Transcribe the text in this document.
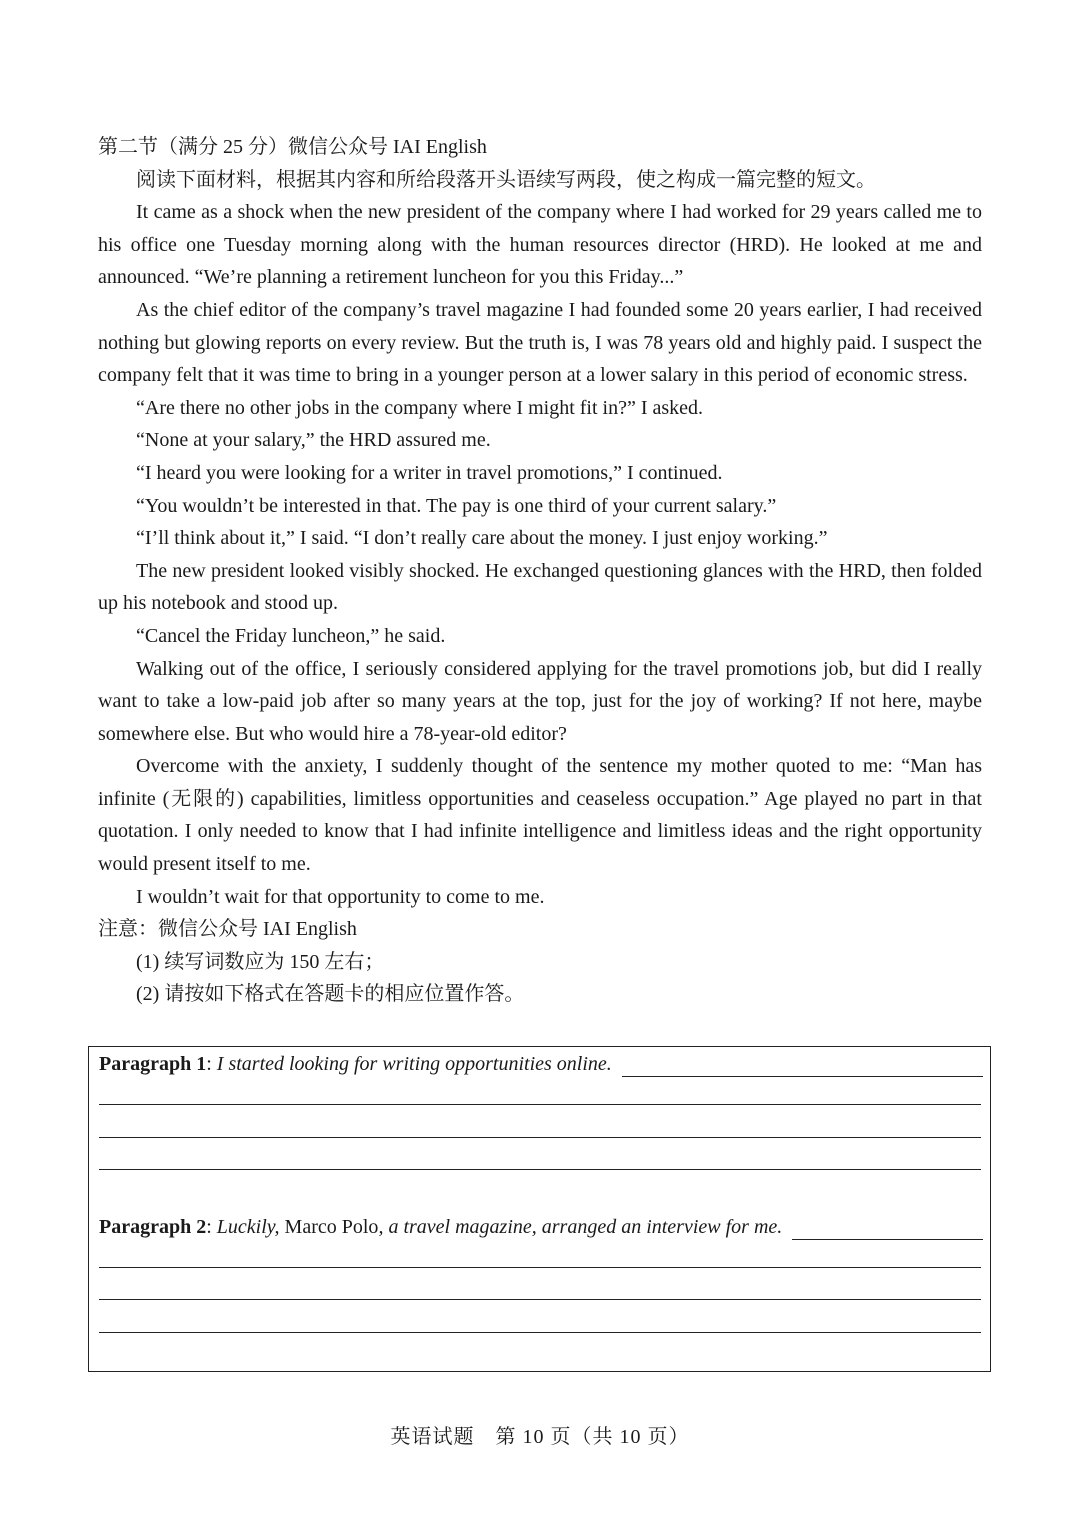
第二节（满分 25 分）微信公众号 IAI English

阅读下面材料，根据其内容和所给段落开头语续写两段，使之构成一篇完整的短文。

It came as a shock when the new president of the company where I had worked for 29 years called me to his office one Tuesday morning along with the human resources director (HRD). He looked at me and announced. “We’re planning a retirement luncheon for you this Friday...”

As the chief editor of the company’s travel magazine I had founded some 20 years earlier, I had received nothing but glowing reports on every review. But the truth is, I was 78 years old and highly paid. I suspect the company felt that it was time to bring in a younger person at a lower salary in this period of economic stress.

“Are there no other jobs in the company where I might fit in?” I asked.

“None at your salary,” the HRD assured me.

“I heard you were looking for a writer in travel promotions,” I continued.

“You wouldn’t be interested in that. The pay is one third of your current salary.”

“I’ll think about it,” I said. “I don’t really care about the money. I just enjoy working.”

The new president looked visibly shocked. He exchanged questioning glances with the HRD, then folded up his notebook and stood up.

“Cancel the Friday luncheon,” he said.

Walking out of the office, I seriously considered applying for the travel promotions job, but did I really want to take a low-paid job after so many years at the top, just for the joy of working? If not here, maybe somewhere else. But who would hire a 78-year-old editor?

Overcome with the anxiety, I suddenly thought of the sentence my mother quoted to me: “Man has infinite (无限的) capabilities, limitless opportunities and ceaseless occupation.” Age played no part in that quotation. I only needed to know that I had infinite intelligence and limitless ideas and the right opportunity would present itself to me.

I wouldn’t wait for that opportunity to come to me.

注意：微信公众号 IAI English

(1) 续写词数应为 150 左右；

(2) 请按如下格式在答题卡的相应位置作答。

Paragraph 1 : I started looking for writing opportunities online.
Paragraph 2 : Luckily,
Marco Polo , a travel magazine, arranged an interview for me.
英语试题　第 10 页（共 10 页）
